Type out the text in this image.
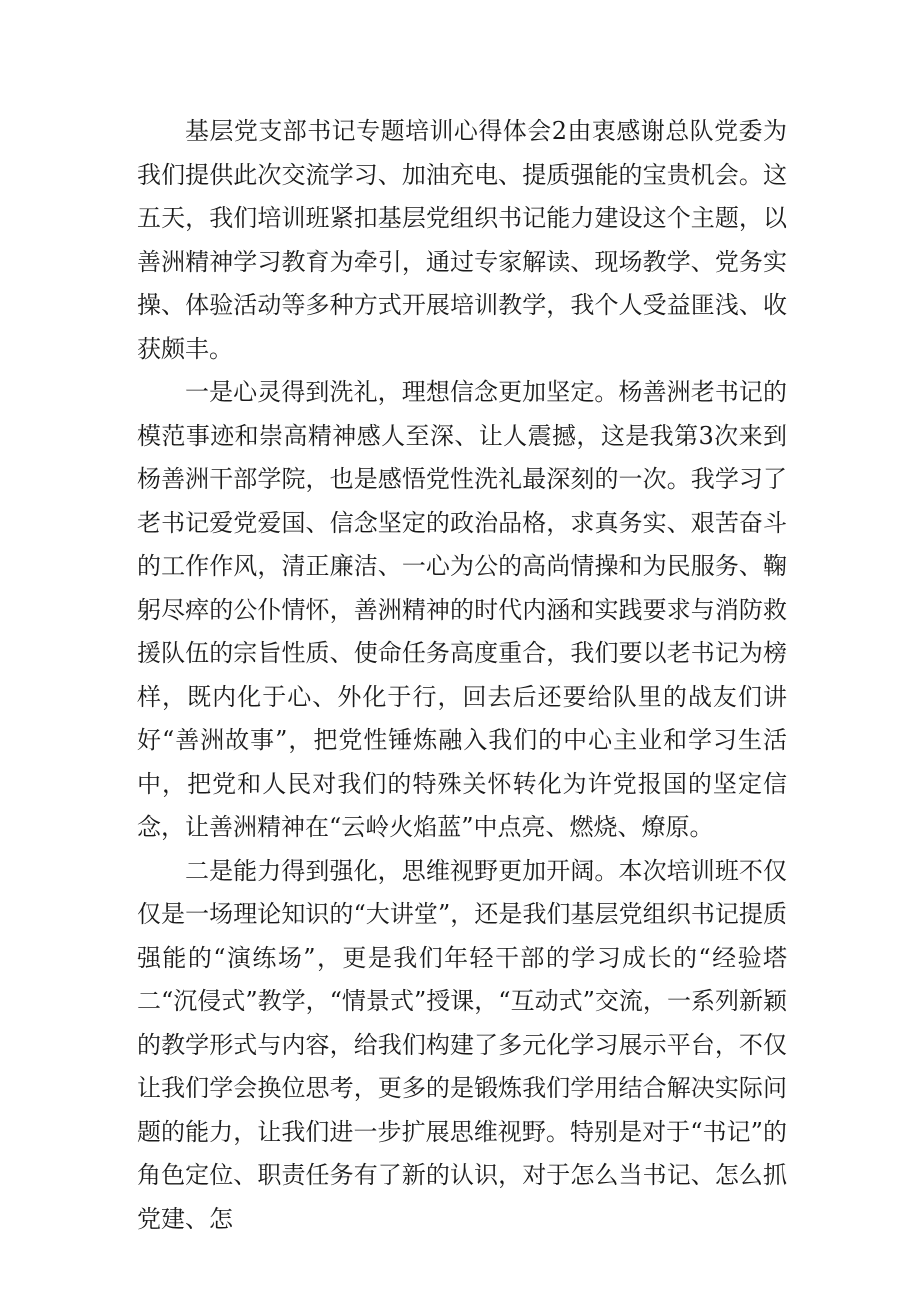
基层党支部书记专题培训心得体会2由衷感谢总队党委为我们提供此次交流学习、加油充电、提质强能的宝贵机会。这五天，我们培训班紧扣基层党组织书记能力建设这个主题，以善洲精神学习教育为牵引，通过专家解读、现场教学、党务实操、体验活动等多种方式开展培训教学，我个人受益匪浅、收获颇丰。

一是心灵得到洗礼，理想信念更加坚定。杨善洲老书记的模范事迹和崇高精神感人至深、让人震撼，这是我第3次来到杨善洲干部学院，也是感悟党性洗礼最深刻的一次。我学习了老书记爱党爱国、信念坚定的政治品格，求真务实、艰苦奋斗的工作作风，清正廉洁、一心为公的高尚情操和为民服务、鞠躬尽瘁的公仆情怀，善洲精神的时代内涵和实践要求与消防救援队伍的宗旨性质、使命任务高度重合，我们要以老书记为榜样，既内化于心、外化于行，回去后还要给队里的战友们讲好“善洲故事”，把党性锤炼融入我们的中心主业和学习生活中，把党和人民对我们的特殊关怀转化为许党报国的坚定信念，让善洲精神在“云岭火焰蓝”中点亮、燃烧、燎原。

二是能力得到强化，思维视野更加开阔。本次培训班不仅仅是一场理论知识的“大讲堂”，还是我们基层党组织书记提质强能的“演练场”，更是我们年轻干部的学习成长的“经验塔二“沉侵式”教学，“情景式”授课，“互动式”交流，一系列新颖的教学形式与内容，给我们构建了多元化学习展示平台，不仅让我们学会换位思考，更多的是锻炼我们学用结合解决实际问题的能力，让我们进一步扩展思维视野。特别是对于“书记”的角色定位、职责任务有了新的认识，对于怎么当书记、怎么抓党建、怎
